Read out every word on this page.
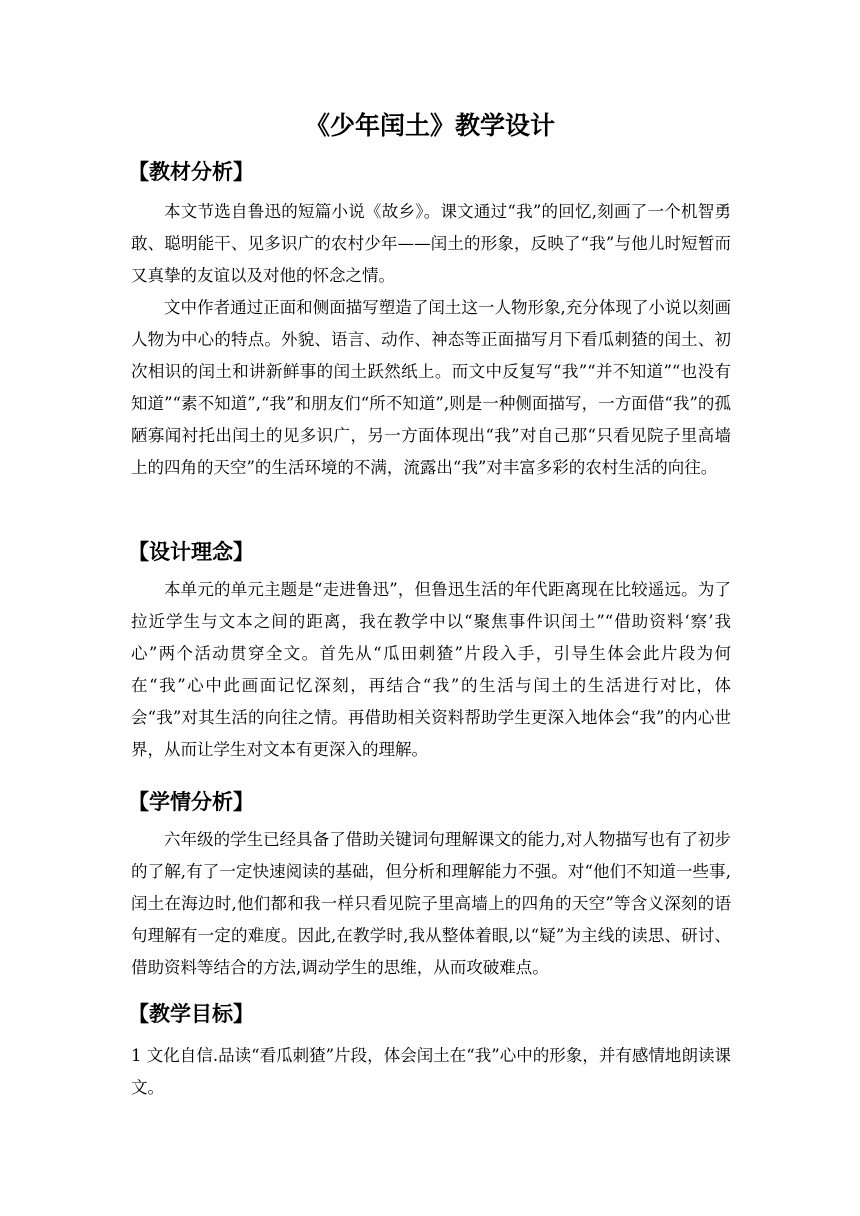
《少年闰土》教学设计
【教材分析】

本文节选自鲁迅的短篇小说《故乡》。课文通过“我”的回忆,刻画了一个机智勇敢、聪明能干、见多识广的农村少年——闰土的形象，反映了“我”与他儿时短暂而又真挚的友谊以及对他的怀念之情。

文中作者通过正面和侧面描写塑造了闰土这一人物形象,充分体现了小说以刻画人物为中心的特点。外貌、语言、动作、神态等正面描写月下看瓜刺猹的闰土、初次相识的闰土和讲新鲜事的闰土跃然纸上。而文中反复写“我”“并不知道”“也没有知道”“素不知道”,“我”和朋友们“所不知道”,则是一种侧面描写，一方面借“我”的孤陋寡闻衬托出闰土的见多识广，另一方面体现出“我”对自己那“只看见院子里高墙上的四角的天空”的生活环境的不满，流露出“我”对丰富多彩的农村生活的向往。

【设计理念】

本单元的单元主题是“走进鲁迅”，但鲁迅生活的年代距离现在比较遥远。为了拉近学生与文本之间的距离，我在教学中以“聚焦事件识闰土”“借助资料‘察’我心”两个活动贯穿全文。首先从“瓜田刺猹”片段入手，引导生体会此片段为何在“我”心中此画面记忆深刻，再结合“我”的生活与闰土的生活进行对比，体会“我”对其生活的向往之情。再借助相关资料帮助学生更深入地体会“我”的内心世界，从而让学生对文本有更深入的理解。

【学情分析】

六年级的学生已经具备了借助关键词句理解课文的能力,对人物描写也有了初步的了解,有了一定快速阅读的基础，但分析和理解能力不强。对“他们不知道一些事,闰土在海边时,他们都和我一样只看见院子里高墙上的四角的天空”等含义深刻的语句理解有一定的难度。因此,在教学时,我从整体着眼,以“疑”为主线的读思、研讨、借助资料等结合的方法,调动学生的思维，从而攻破难点。

【教学目标】

1 文化自信.品读“看瓜刺猹”片段，体会闰土在“我”心中的形象，并有感情地朗读课文。
